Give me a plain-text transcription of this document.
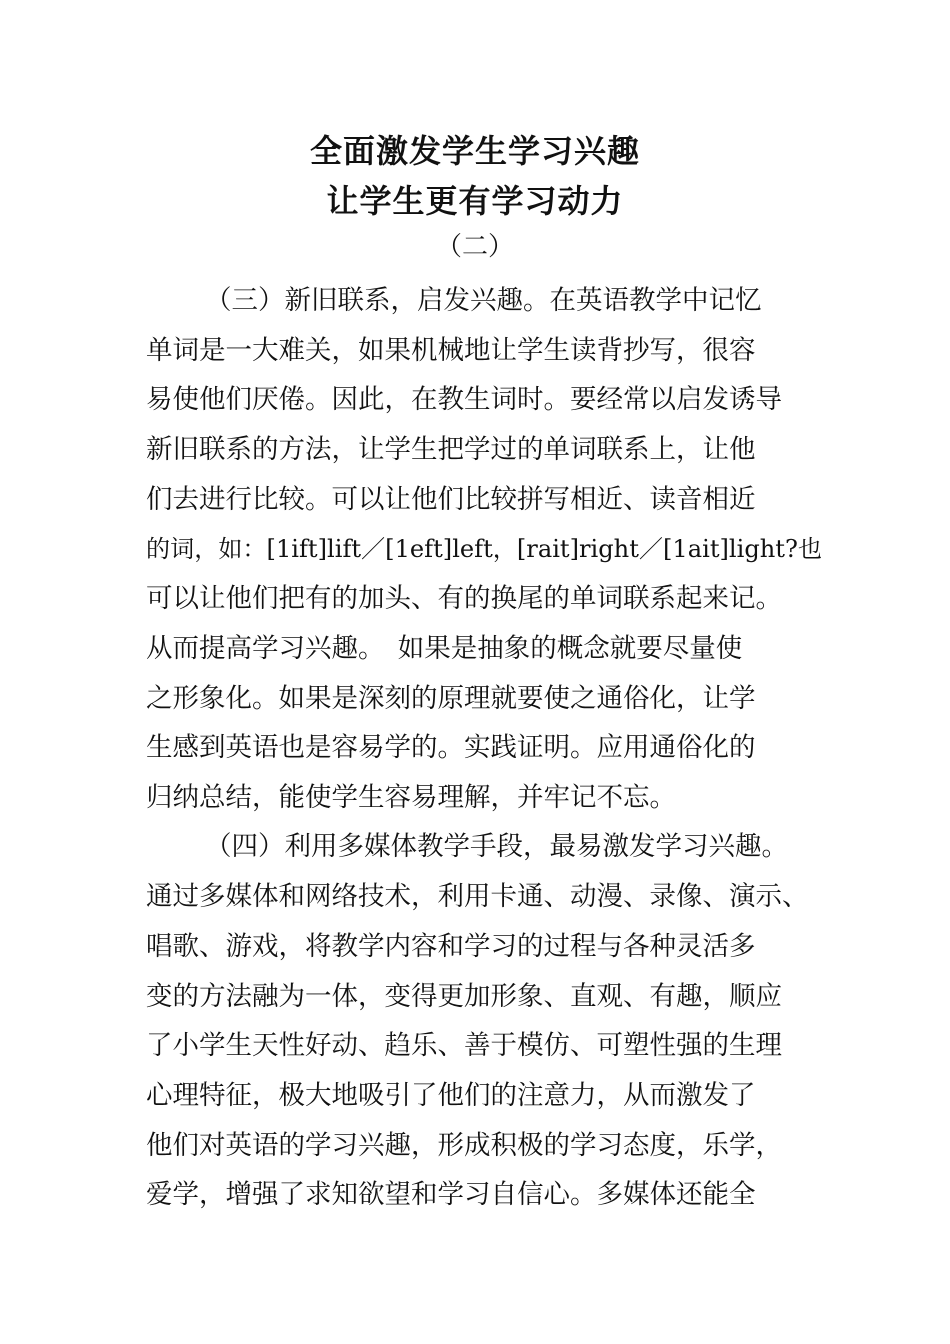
全面激发学生学习兴趣
让学生更有学习动力
（二）
（三）新旧联系，启发兴趣。在英语教学中记忆
单词是一大难关，如果机械地让学生读背抄写，很容
易使他们厌倦。因此，在教生词时。要经常以启发诱导
新旧联系的方法，让学生把学过的单词联系上，让他
们去进行比较。可以让他们比较拼写相近、读音相近
的词，如：[1ift]lift／[1eft]left，[rait]right／[1ait]light?也
可以让他们把有的加头、有的换尾的单词联系起来记。
从而提高学习兴趣。　如果是抽象的概念就要尽量使
之形象化。如果是深刻的原理就要使之通俗化，让学
生感到英语也是容易学的。实践证明。应用通俗化的
归纳总结，能使学生容易理解，并牢记不忘。
（四）利用多媒体教学手段，最易激发学习兴趣。
通过多媒体和网络技术，利用卡通、动漫、录像、演示、
唱歌、游戏，将教学内容和学习的过程与各种灵活多
变的方法融为一体，变得更加形象、直观、有趣，顺应
了小学生天性好动、趋乐、善于模仿、可塑性强的生理
心理特征，极大地吸引了他们的注意力，从而激发了
他们对英语的学习兴趣，形成积极的学习态度，乐学，
爱学，增强了求知欲望和学习自信心。多媒体还能全
